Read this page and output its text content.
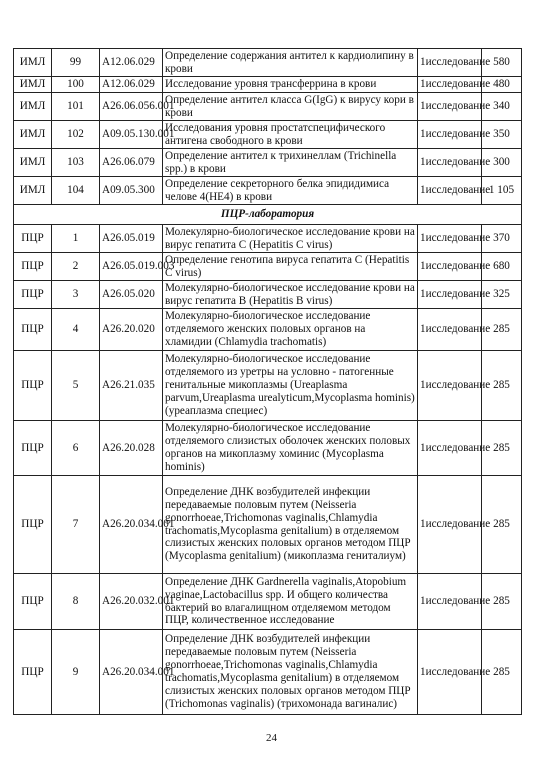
ИМЛ	99	A12.06.029	Определение содержания антител к кардиолипину в крови	1исследование	580
ИМЛ	100	A12.06.029	Исследование уровня трансферрина в крови	1исследование	480
ИМЛ	101	A26.06.056.001	Определение антител класса G(IgG) к вирусу кори в крови	1исследование	340
ИМЛ	102	A09.05.130.001	Исследования уровня простатспецифического антигена свободного в крови	1исследование	350
ИМЛ	103	A26.06.079	Определение антител к трихинеллам (Trichinella spp.) в крови	1исследование	300
ИМЛ	104	A09.05.300	Определение секреторного белка эпидидимиса челове 4(НЕ4) в крови	1исследование	1 105
ПЦР-лаборатория					
ПЦР	1	A26.05.019	Молекулярно-биологическое исследование крови на вирус гепатита С (Hepatitis C virus)	1исследование	370
ПЦР	2	A26.05.019.003	Определение генотипа вируса гепатита С (Hepatitis C virus)	1исследование	680
ПЦР	3	A26.05.020	Молекулярно-биологическое исследование крови на вирус гепатита В (Hepatitis B virus)	1исследование	325
ПЦР	4	A26.20.020	Молекулярно-биологическое исследование отделяемого женских половых органов на хламидии (Chlamydia trachomatis)	1исследование	285
ПЦР	5	A26.21.035	Молекулярно-биологическое исследование отделяемого из уретры на условно - патогенные генитальные микоплазмы (Ureaplasma parvum,Ureaplasma urealyticum,Mycoplasma hominis) (уреаплазма специес)	1исследование	285
ПЦР	6	A26.20.028	Молекулярно-биологическое исследование отделяемого слизистых оболочек женских половых органов на микоплазму хоминис (Mycoplasma hominis)	1исследование	285
ПЦР	7	A26.20.034.001	Определение ДНК возбудителей инфекции передаваемые половым путем (Neisseria gonorrhoeae,Trichomonas vaginalis,Chlamydia trachomatis,Mycoplasma genitalium) в отделяемом слизистых женских половых органов методом ПЦР (Mycoplasma genitalium) (микоплазма гениталиум)	1исследование	285
ПЦР	8	A26.20.032.001	Определение ДНК Gardnerella vaginalis,Atopobium vaginae,Lactobacillus spp. И общего количества бактерий во влагалищном отделяемом методом ПЦР, количественное исследование	1исследование	285
ПЦР	9	A26.20.034.001	Определение ДНК возбудителей инфекции передаваемые половым путем (Neisseria gonorrhoeae,Trichomonas vaginalis,Chlamydia trachomatis,Mycoplasma genitalium) в отделяемом слизистых женских половых органов методом ПЦР (Trichomonas vaginalis) (трихомонада вагиналис)	1исследование	285
24
